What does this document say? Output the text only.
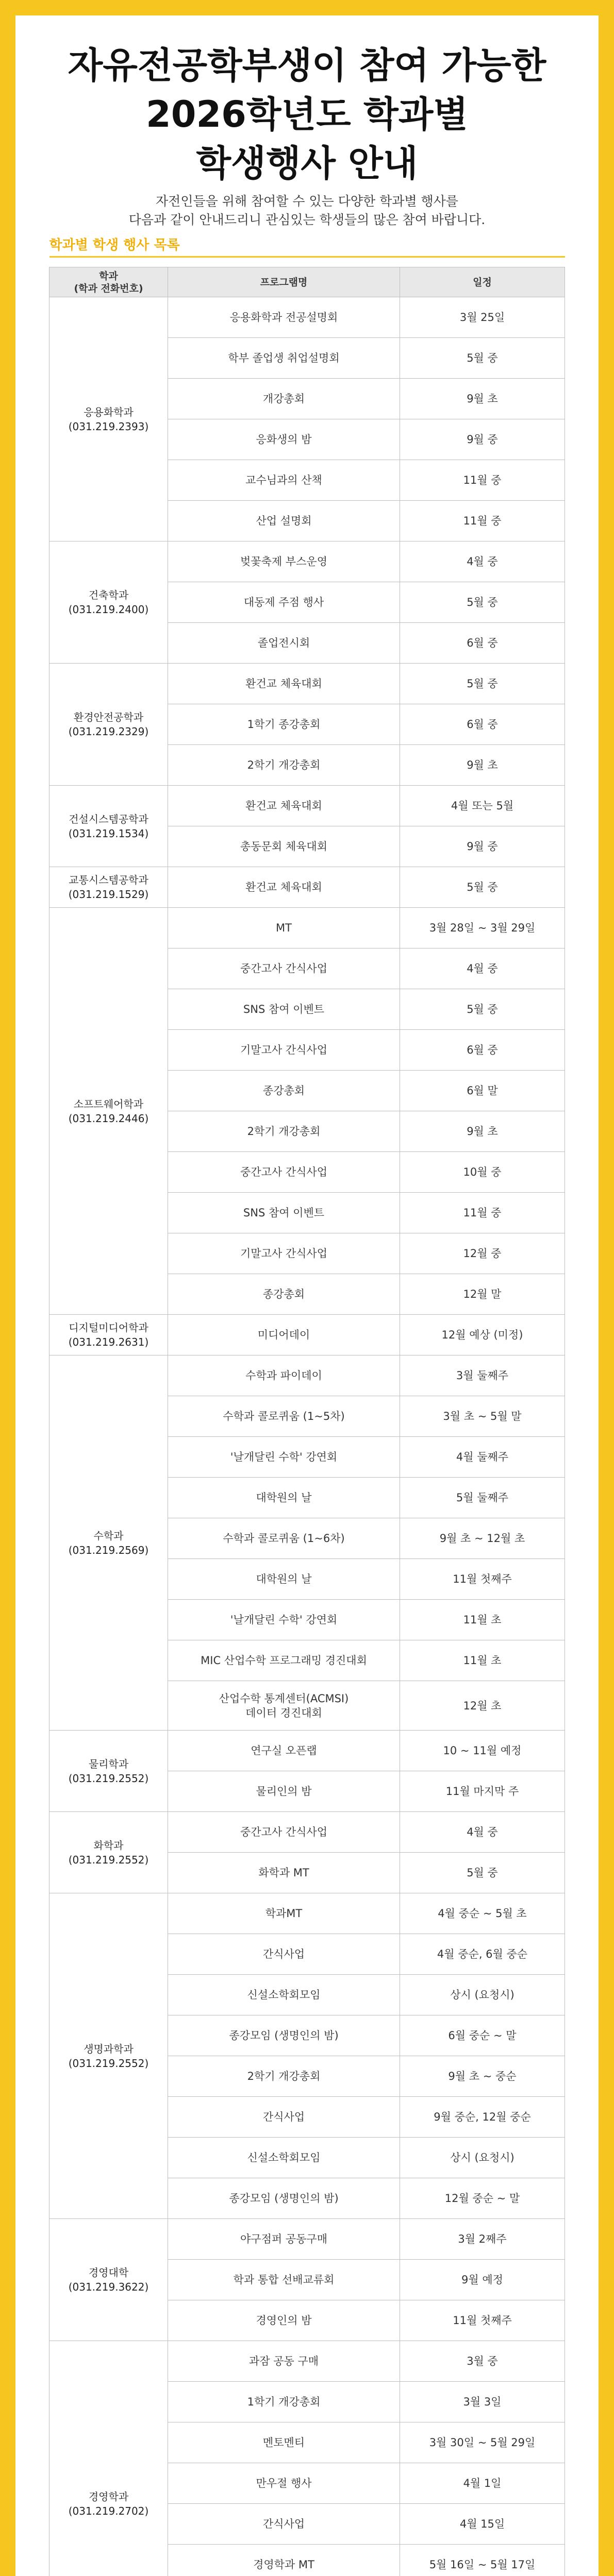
자유전공학부생이 참여 가능한
2026학년도 학과별
학생행사 안내
자전인들을 위해 참여할 수 있는 다양한 학과별 행사를
다음과 같이 안내드리니 관심있는 학생들의 많은 참여 바랍니다.
학과별 학생 행사 목록
학과
(학과 전화번호)	프로그램명	일정

응용화학과
(031.219.2393)	응용화학과 전공설명회	3월 25일
	학부 졸업생 취업설명회	5월 중
	개강총회	9월 초
	응화생의 밤	9월 중
	교수님과의 산책	11월 중
	산업 설명회	11월 중

건축학과
(031.219.2400)	벚꽃축제 부스운영	4월 중
	대동제 주점 행사	5월 중
	졸업전시회	6월 중

환경안전공학과
(031.219.2329)	환건교 체육대회	5월 중
	1학기 종강총회	6월 중
	2학기 개강총회	9월 초

건설시스템공학과
(031.219.1534)	환건교 체육대회	4월 또는 5월
	총동문회 체육대회	9월 중

교통시스템공학과
(031.219.1529)	환건교 체육대회	5월 중

소프트웨어학과
(031.219.2446)	MT	3월 28일 ~ 3월 29일
	중간고사 간식사업	4월 중
	SNS 참여 이벤트	5월 중
	기말고사 간식사업	6월 중
	종강총회	6월 말
	2학기 개강총회	9월 초
	중간고사 간식사업	10월 중
	SNS 참여 이벤트	11월 중
	기말고사 간식사업	12월 중
	종강총회	12월 말

디지털미디어학과
(031.219.2631)	미디어데이	12월 예상 (미정)

수학과
(031.219.2569)	수학과 파이데이	3월 둘째주
	수학과 콜로퀴움 (1~5차)	3월 초 ~ 5월 말
	'날개달린 수학' 강연회	4월 둘째주
	대학원의 날	5월 둘째주
	수학과 콜로퀴움 (1~6차)	9월 초 ~ 12월 초
	대학원의 날	11월 첫째주
	'날개달린 수학' 강연회	11월 초
	MIC 산업수학 프로그래밍 경진대회	11월 초
	산업수학 통계센터(ACMSI)
데이터 경진대회	12월 초

물리학과
(031.219.2552)	연구실 오픈랩	10 ~ 11월 예정
	물리인의 밤	11월 마지막 주

화학과
(031.219.2552)	중간고사 간식사업	4월 중
	화학과 MT	5월 중

생명과학과
(031.219.2552)	학과MT	4월 중순 ~ 5월 초
	간식사업	4월 중순, 6월 중순
	신설소학회모임	상시 (요청시)
	종강모임 (생명인의 밤)	6월 중순 ~ 말
	2학기 개강총회	9월 초 ~ 중순
	간식사업	9월 중순, 12월 중순
	신설소학회모임	상시 (요청시)
	종강모임 (생명인의 밤)	12월 중순 ~ 말

경영대학
(031.219.3622)	야구점퍼 공동구매	3월 2째주
	학과 통합 선배교류회	9월 예정
	경영인의 밤	11월 첫째주

경영학과
(031.219.2702)	과잠 공동 구매	3월 중
	1학기 개강총회	3월 3일
	멘토멘티	3월 30일 ~ 5월 29일
	만우절 행사	4월 1일
	간식사업	4월 15일
	경영학과 MT	5월 16일 ~ 5월 17일
